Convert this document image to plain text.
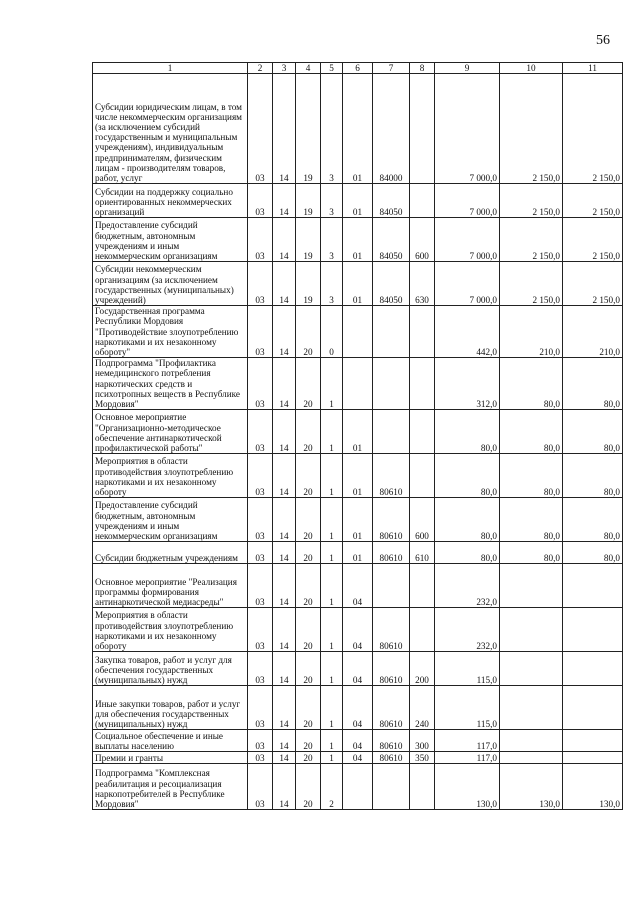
56
1	2	3	4	5	6	7	8	9	10	11
Субсидии юридическим лицам, в том числе некоммерческим организациям (за исключением субсидий государственным и муниципальным учреждениям), индивидуальным предпринимателям, физическим лицам - производителям товаров, работ, услуг	03	14	19	3	01	84000		7 000,0	2 150,0	2 150,0
Субсидии на поддержку социально ориентированных некоммерческих организаций	03	14	19	3	01	84050		7 000,0	2 150,0	2 150,0
Предоставление субсидий бюджетным, автономным учреждениям и иным некоммерческим организациям	03	14	19	3	01	84050	600	7 000,0	2 150,0	2 150,0
Субсидии некоммерческим организациям (за исключением государственных (муниципальных) учреждений)	03	14	19	3	01	84050	630	7 000,0	2 150,0	2 150,0
Государственная программа Республики Мордовия "Противодействие злоупотреблению наркотиками и их незаконному обороту"	03	14	20	0				442,0	210,0	210,0
Подпрограмма "Профилактика немедицинского потребления наркотических средств и психотропных веществ в Республике Мордовия"	03	14	20	1				312,0	80,0	80,0
Основное мероприятие "Организационно-методическое обеспечение антинаркотической профилактической работы"	03	14	20	1	01			80,0	80,0	80,0
Мероприятия в области противодействия злоупотреблению наркотиками и их незаконному обороту	03	14	20	1	01	80610		80,0	80,0	80,0
Предоставление субсидий бюджетным, автономным учреждениям и иным некоммерческим организациям	03	14	20	1	01	80610	600	80,0	80,0	80,0
Субсидии бюджетным учреждениям	03	14	20	1	01	80610	610	80,0	80,0	80,0
Основное мероприятие "Реализация программы формирования антинаркотической медиасреды"	03	14	20	1	04			232,0		
Мероприятия в области противодействия злоупотреблению наркотиками и их незаконному обороту	03	14	20	1	04	80610		232,0		
Закупка товаров, работ и услуг для обеспечения государственных (муниципальных) нужд	03	14	20	1	04	80610	200	115,0		
Иные закупки товаров, работ и услуг для обеспечения государственных (муниципальных) нужд	03	14	20	1	04	80610	240	115,0		
Социальное обеспечение и иные выплаты населению	03	14	20	1	04	80610	300	117,0		
Премии и гранты	03	14	20	1	04	80610	350	117,0		
Подпрограмма "Комплексная реабилитация и ресоциализация наркопотребителей в Республике Мордовия"	03	14	20	2				130,0	130,0	130,0
